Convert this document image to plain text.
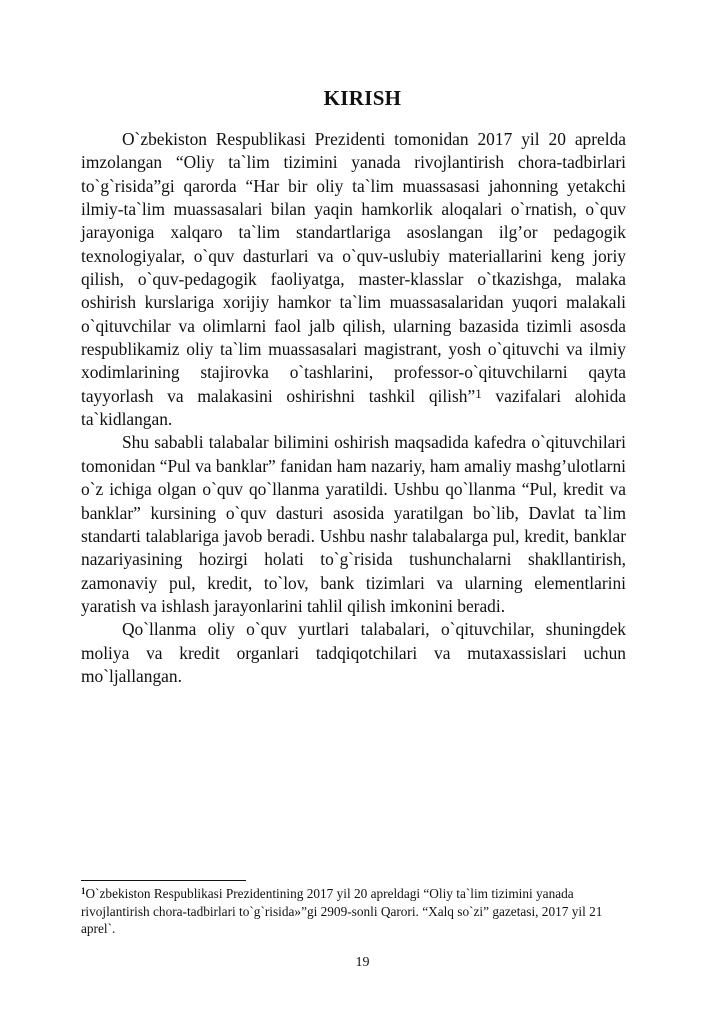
KIRISH

O`zbekiston Respublikasi Prezidenti tomonidan 2017 yil 20 aprelda imzolangan “Oliy ta`lim tizimini yanada rivojlantirish chora-tadbirlari to`g`risida”gi qarorda “Har bir oliy ta`lim muassasasi jahonning yetakchi ilmiy-ta`lim muassasalari bilan yaqin hamkorlik aloqalari o`rnatish, o`quv jarayoniga xalqaro ta`lim standartlariga asoslangan ilg’or pedagogik texnologiyalar, o`quv dasturlari va o`quv-uslubiy materiallarini keng joriy qilish, o`quv-pedagogik faoliyatga, master-klasslar o`tkazishga, malaka oshirish kurslariga xorijiy hamkor ta`lim muassasalaridan yuqori malakali o`qituvchilar va olimlarni faol jalb qilish, ularning bazasida tizimli asosda respublikamiz oliy ta`lim muassasalari magistrant, yosh o`qituvchi va ilmiy xodimlarining stajirovka o`tashlarini, professor-o`qituvchilarni qayta tayyorlash va malakasini oshirishni tashkil qilish”$^1$ vazifalari alohida ta`kidlangan.

Shu sababli talabalar bilimini oshirish maqsadida kafedra o`qituvchilari tomonidan “Pul va banklar” fanidan ham nazariy, ham amaliy mashg’ulotlarni o`z ichiga olgan o`quv qo`llanma yaratildi. Ushbu qo`llanma “Pul, kredit va banklar” kursining o`quv dasturi asosida yaratilgan bo`lib, Davlat ta`lim standarti talablariga javob beradi. Ushbu nashr talabalarga pul, kredit, banklar nazariyasining hozirgi holati to`g`risida tushunchalarni shakllantirish, zamonaviy pul, kredit, to`lov, bank tizimlari va ularning elementlarini yaratish va ishlash jarayonlarini tahlil qilish imkonini beradi.

Qo`llanma oliy o`quv yurtlari talabalari, o`qituvchilar, shuningdek moliya va kredit organlari tadqiqotchilari va mutaxassislari uchun mo`ljallangan.

$^1$O`zbekiston Respublikasi Prezidentining 2017 yil 20 apreldagi “Oliy ta`lim tizimini yanada rivojlantirish chora-tadbirlari to`g`risida»”gi 2909-sonli Qarori. “Xalq so`zi” gazetasi, 2017 yil 21 aprel`.

19
